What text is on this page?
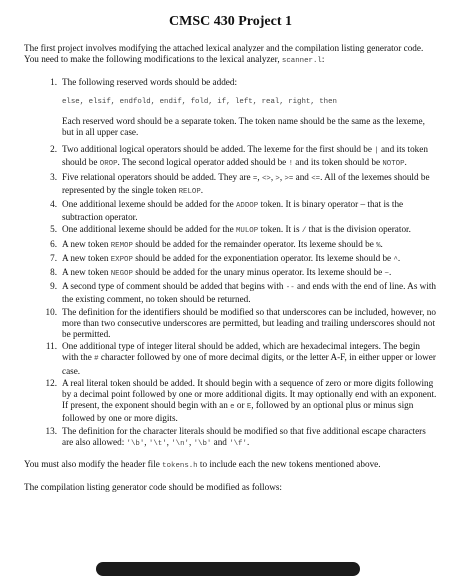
CMSC 430 Project 1

The first project involves modifying the attached lexical analyzer and the compilation listing generator code. You need to make the following modifications to the lexical analyzer, scanner.l:

1 . The following reserved words should be added:
else, elsif, endfold, endif, fold, if, left, real, right, then
Each reserved word should be a separate token. The token name should be the same as the lexeme, but in all upper case.
2 . Two additional logical operators should be added. The lexeme for the first should be | and its token should be OROP. The second logical operator added should be ! and its token should be NOTOP.
3 . Five relational operators should be added. They are =, <>, >, >= and <=. All of the lexemes should be represented by the single token RELOP.
4 . One additional lexeme should be added for the ADDOP token. It is binary operator – that is the subtraction operator.
5 . One additional lexeme should be added for the MULOP token. It is / that is the division operator.
6 . A new token REMOP should be added for the remainder operator. Its lexeme should be %.
7 . A new token EXPOP should be added for the exponentiation operator. Its lexeme should be ^.
8 . A new token NEGOP should be added for the unary minus operator. Its lexeme should be ~.
9 . A second type of comment should be added that begins with -- and ends with the end of line. As with the existing comment, no token should be returned.
10 . The definition for the identifiers should be modified so that underscores can be included, however, no more than two consecutive underscores are permitted, but leading and trailing underscores should not be permitted.
11 . One additional type of integer literal should be added, which are hexadecimal integers. The begin with the # character followed by one of more decimal digits, or the letter A-F, in either upper or lower case.
12 . A real literal token should be added. It should begin with a sequence of zero or more digits following by a decimal point followed by one or more additional digits. It may optionally end with an exponent. If present, the exponent should begin with an e or E, followed by an optional plus or minus sign followed by one or more digits.
13 . The definition for the character literals should be modified so that five additional escape characters are also allowed: '\b', '\t', '\n', '\b' and '\f'.

You must also modify the header file tokens.h to include each the new tokens mentioned above.

The compilation listing generator code should be modified as follows:
